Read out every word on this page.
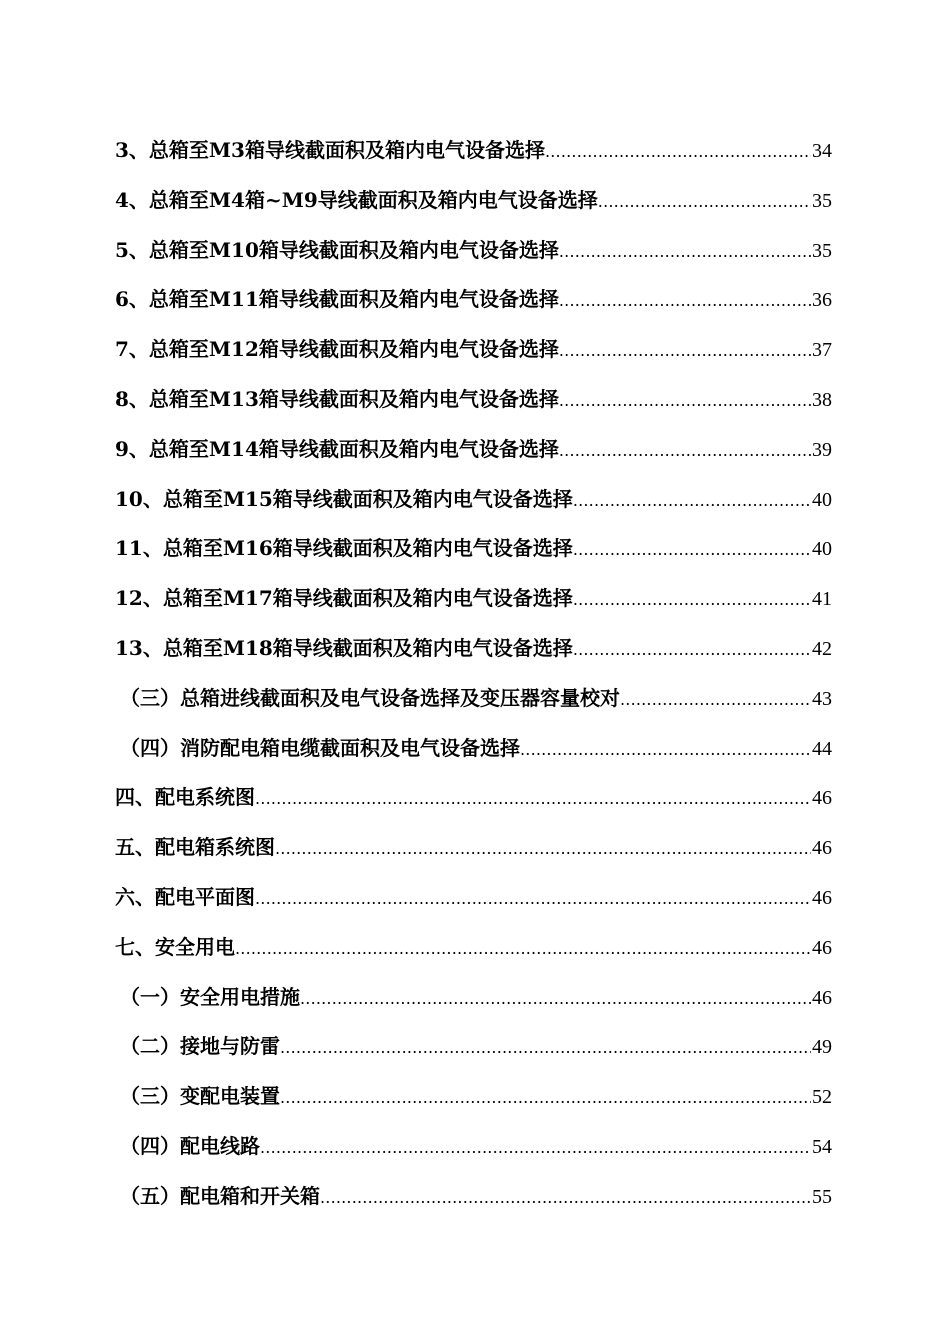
3、总箱至M3箱导线截面积及箱内电气设备选择 .....	34
4、总箱至M4箱~M9导线截面积及箱内电气设备选择 .....	35
5、总箱至M10箱导线截面积及箱内电气设备选择 .....	35
6、总箱至M11箱导线截面积及箱内电气设备选择 .....	36
7、总箱至M12箱导线截面积及箱内电气设备选择 .....	37
8、总箱至M13箱导线截面积及箱内电气设备选择 .....	38
9、总箱至M14箱导线截面积及箱内电气设备选择 .....	39
10、总箱至M15箱导线截面积及箱内电气设备选择 .....	40
11、总箱至M16箱导线截面积及箱内电气设备选择 .....	40
12、总箱至M17箱导线截面积及箱内电气设备选择 .....	41
13、总箱至M18箱导线截面积及箱内电气设备选择 .....	42
（三）总箱进线截面积及电气设备选择及变压器容量校对 .....	43
（四）消防配电箱电缆截面积及电气设备选择 .....	44
四、配电系统图 .....	46
五、配电箱系统图 .....	46
六、配电平面图 .....	46
七、安全用电 .....	46
（一）安全用电措施 .....	46
（二）接地与防雷 .....	49
（三）变配电装置 .....	52
（四）配电线路 .....	54
（五）配电箱和开关箱 .....	55
